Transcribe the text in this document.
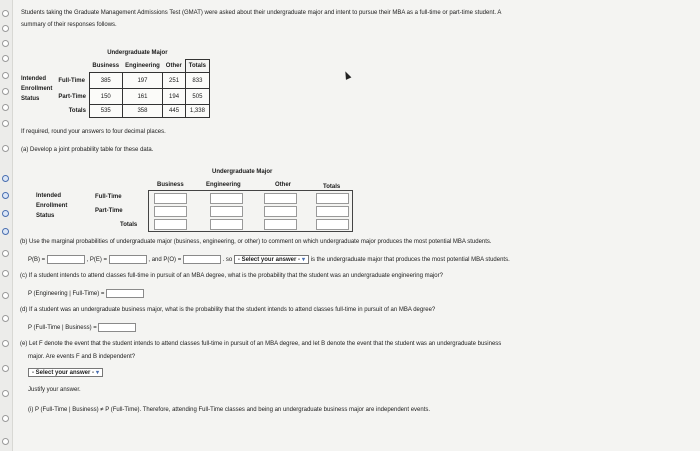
Students taking the Graduate Management Admissions Test (GMAT) were asked about their undergraduate major and intent to pursue their MBA as a full-time or part-time student. A
summary of their responses follows.
		Undergraduate Major			
		Business	Engineering	Other	Totals
Intended
Enrollment
Status	Full-Time	385	197	251	833
	Part-Time	150	161	194	505
	Totals	535	358	445	1,338
If required, round your answers to four decimal places.
(a) Develop a joint probability table for these data.
Undergraduate Major
Business	Engineering	Other	Totals
Intended
Enrollment
Status
Full-Time
Part-Time
Totals
(b) Use the marginal probabilities of undergraduate major (business, engineering, or other) to comment on which undergraduate major produces the most potential MBA students.
P(B) =	, P(E) =	, and P(O) =	. so - Select your answer - ▾ is the undergraduate major that produces the most potential MBA students.
(c) If a student intends to attend classes full-time in pursuit of an MBA degree, what is the probability that the student was an undergraduate engineering major?
P (Engineering | Full-Time) =
(d) If a student was an undergraduate business major, what is the probability that the student intends to attend classes full-time in pursuit of an MBA degree?
P (Full-Time | Business) =
(e) Let F denote the event that the student intends to attend classes full-time in pursuit of an MBA degree, and let B denote the event that the student was an undergraduate business
major. Are events F and B independent?
- Select your answer - ▾
Justify your answer.
(i) P (Full-Time | Business) ≠ P (Full-Time). Therefore, attending Full-Time classes and being an undergraduate business major are independent events.
